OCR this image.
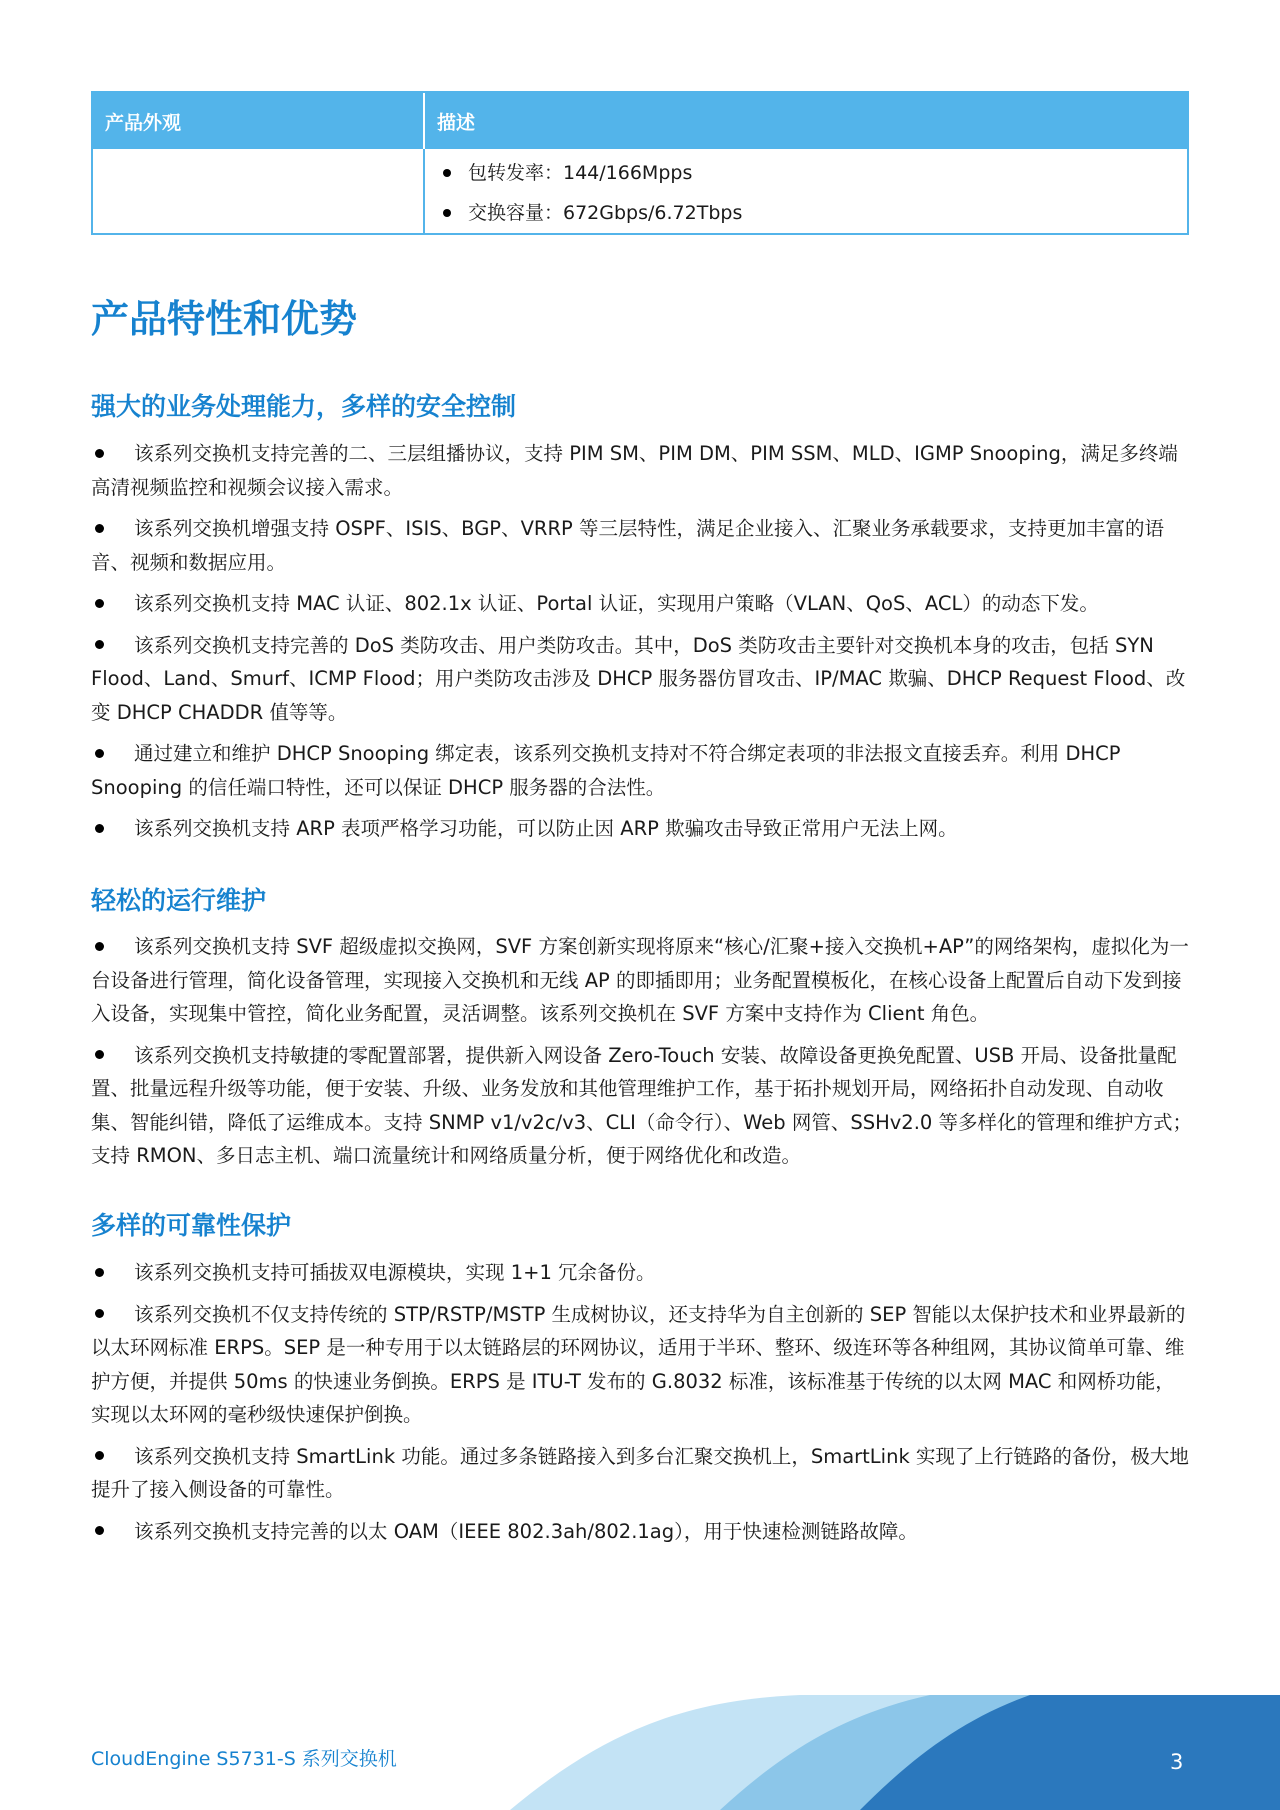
产品外观	描述
包转发率：144/166Mpps
交换容量：672Gbps/6.72Tbps
产品特性和优势
强大的业务处理能力，多样的安全控制
该系列交换机支持完善的二、三层组播协议，支持 PIM SM、PIM DM、PIM SSM、MLD、IGMP Snooping，满足多终端高清视频监控和视频会议接入需求。
该系列交换机增强支持 OSPF、ISIS、BGP、VRRP 等三层特性，满足企业接入、汇聚业务承载要求，支持更加丰富的语音、视频和数据应用。
该系列交换机支持 MAC 认证、802.1x 认证、Portal 认证，实现用户策略（VLAN、QoS、ACL）的动态下发。
该系列交换机支持完善的 DoS 类防攻击、用户类防攻击。其中，DoS 类防攻击主要针对交换机本身的攻击，包括 SYN Flood、Land、Smurf、ICMP Flood；用户类防攻击涉及 DHCP 服务器仿冒攻击、IP/MAC 欺骗、DHCP Request Flood、改变 DHCP CHADDR 值等等。
通过建立和维护 DHCP Snooping 绑定表，该系列交换机支持对不符合绑定表项的非法报文直接丢弃。利用 DHCP Snooping 的信任端口特性，还可以保证 DHCP 服务器的合法性。
该系列交换机支持 ARP 表项严格学习功能，可以防止因 ARP 欺骗攻击导致正常用户无法上网。
轻松的运行维护
该系列交换机支持 SVF 超级虚拟交换网，SVF 方案创新实现将原来“核心/汇聚+接入交换机+AP”的网络架构，虚拟化为一台设备进行管理，简化设备管理，实现接入交换机和无线 AP 的即插即用；业务配置模板化，在核心设备上配置后自动下发到接入设备，实现集中管控，简化业务配置，灵活调整。该系列交换机在 SVF 方案中支持作为 Client 角色。
该系列交换机支持敏捷的零配置部署，提供新入网设备 Zero-Touch 安装、故障设备更换免配置、USB 开局、设备批量配置、批量远程升级等功能，便于安装、升级、业务发放和其他管理维护工作，基于拓扑规划开局，网络拓扑自动发现、自动收集、智能纠错，降低了运维成本。支持 SNMP v1/v2c/v3、CLI（命令行）、Web 网管、SSHv2.0 等多样化的管理和维护方式；支持 RMON、多日志主机、端口流量统计和网络质量分析，便于网络优化和改造。
多样的可靠性保护
该系列交换机支持可插拔双电源模块，实现 1+1 冗余备份。
该系列交换机不仅支持传统的 STP/RSTP/MSTP 生成树协议，还支持华为自主创新的 SEP 智能以太保护技术和业界最新的以太环网标准 ERPS。SEP 是一种专用于以太链路层的环网协议，适用于半环、整环、级连环等各种组网，其协议简单可靠、维护方便，并提供 50ms 的快速业务倒换。ERPS 是 ITU-T 发布的 G.8032 标准，该标准基于传统的以太网 MAC 和网桥功能，实现以太环网的毫秒级快速保护倒换。
该系列交换机支持 SmartLink 功能。通过多条链路接入到多台汇聚交换机上，SmartLink 实现了上行链路的备份，极大地提升了接入侧设备的可靠性。
该系列交换机支持完善的以太 OAM（IEEE 802.3ah/802.1ag），用于快速检测链路故障。
CloudEngine S5731-S 系列交换机	3
